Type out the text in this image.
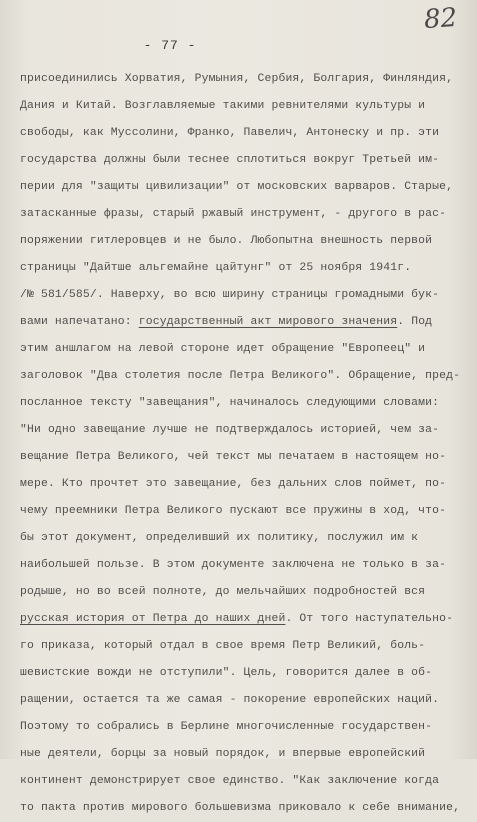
- 77 -
82
присоединились Хорватия, Румыния, Сербия, Болгария, Финляндия,
Дания и Китай. Возглавляемые такими ревнителями культуры и
свободы, как Муссолини, Франко, Павелич, Антонеску и пр. эти
государства должны были теснее сплотиться вокруг Третьей им-
перии для "защиты цивилизации" от московских варваров. Старые,
затасканные фразы, старый ржавый инструмент, - другого в рас-
поряжении гитлеровцев и не было. Любопытна внешность первой
страницы "Дайтше альгемайне цайтунг" от 25 ноября 1941г.
/№ 581/585/. Наверху, во всю ширину страницы громадными бук-
вами напечатано: государственный акт мирового значения. Под
этим аншлагом на левой стороне идет обращение "Европеец" и
заголовок "Два столетия после Петра Великого". Обращение, пред-
посланное тексту "завещания", начиналось следующими словами:
"Ни одно завещание лучше не подтверждалось историей, чем за-
вещание Петра Великого, чей текст мы печатаем в настоящем но-
мере. Кто прочтет это завещание, без дальних слов поймет, по-
чему преемники Петра Великого пускают все пружины в ход, что-
бы этот документ, определивший их политику, послужил им к
наибольшей пользе. В этом документе заключена не только в за-
родыше, но во всей полноте, до мельчайших подробностей вся
русская история от Петра до наших дней. От того наступательно-
го приказа, который отдал в свое время Петр Великий, боль-
шевистские вожди не отступили". Цель, говорится далее в об-
ращении, остается та же самая - покорение европейских наций.
Поэтому то собрались в Берлине многочисленные государствен-
ные деятели, борцы за новый порядок, и впервые европейский
континент демонстрирует свое единство. "Как заключение когда
то пакта против мирового большевизма приковало к себе внимание,
